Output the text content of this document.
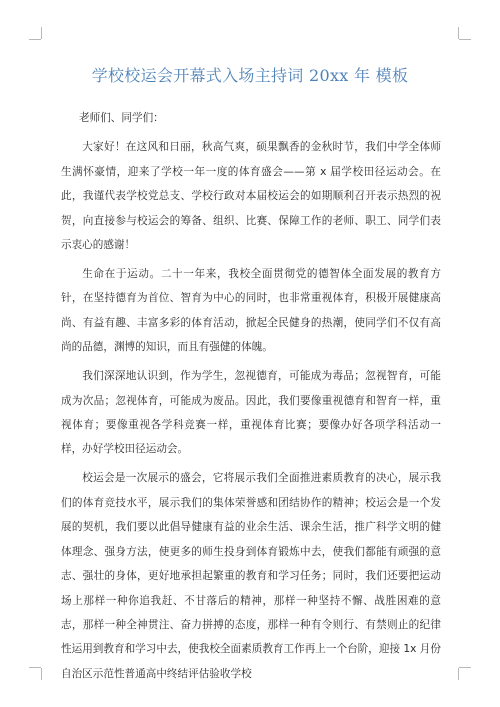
学校校运会开幕式入场主持词 20xx 年 模板

老师们、同学们：

大家好！在这风和日丽，秋高气爽，硕果飘香的金秋时节，我们中学全体师生满怀豪情，迎来了学校一年一度的体育盛会——第 x 届学校田径运动会。在此，我谨代表学校党总支、学校行政对本届校运会的如期顺利召开表示热烈的祝贺，向直接参与校运会的筹备、组织、比赛、保障工作的老师、职工、同学们表示衷心的感谢！

生命在于运动。二十一年来，我校全面贯彻党的德智体全面发展的教育方针，在坚持德育为首位、智育为中心的同时，也非常重视体育，积极开展健康高尚、有益有趣、丰富多彩的体育活动，掀起全民健身的热潮，使同学们不仅有高尚的品德，渊博的知识，而且有强健的体魄。

我们深深地认识到，作为学生，忽视德育，可能成为毒品；忽视智育，可能成为次品；忽视体育，可能成为废品。因此，我们要像重视德育和智育一样，重视体育；要像重视各学科竞赛一样，重视体育比赛；要像办好各项学科活动一样，办好学校田径运动会。

校运会是一次展示的盛会，它将展示我们全面推进素质教育的决心，展示我们的体育竞技水平，展示我们的集体荣誉感和团结协作的精神；校运会是一个发展的契机，我们要以此倡导健康有益的业余生活、课余生活，推广科学文明的健体理念、强身方法，使更多的师生投身到体育锻炼中去，使我们都能有顽强的意志、强壮的身体，更好地承担起繁重的教育和学习任务；同时，我们还要把运动场上那样一种你追我赶、不甘落后的精神，那样一种坚持不懈、战胜困难的意志，那样一种全神贯注、奋力拼搏的态度，那样一种有令则行、有禁则止的纪律性运用到教育和学习中去，使我校全面素质教育工作再上一个台阶，迎接 1x 月份自治区示范性普通高中终结评估验收学校
